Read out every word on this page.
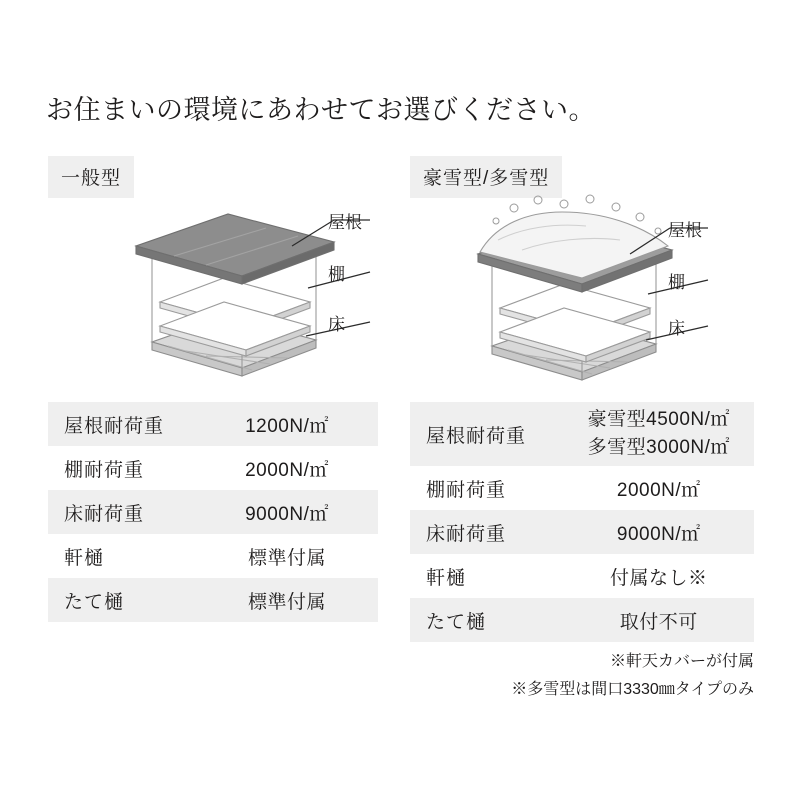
お住まいの環境にあわせてお選びください。
一般型
屋根
棚
床
屋根耐荷重	1200N/㎡
棚耐荷重	2000N/㎡
床耐荷重	9000N/㎡
軒樋	標準付属
たて樋	標準付属
豪雪型/多雪型
屋根
棚
床
屋根耐荷重	豪雪型4500N/㎡
多雪型3000N/㎡

棚耐荷重	2000N/㎡
床耐荷重	9000N/㎡
軒樋	付属なし※
たて樋	取付不可
※軒天カバーが付属
※多雪型は間口3330㎜タイプのみ
